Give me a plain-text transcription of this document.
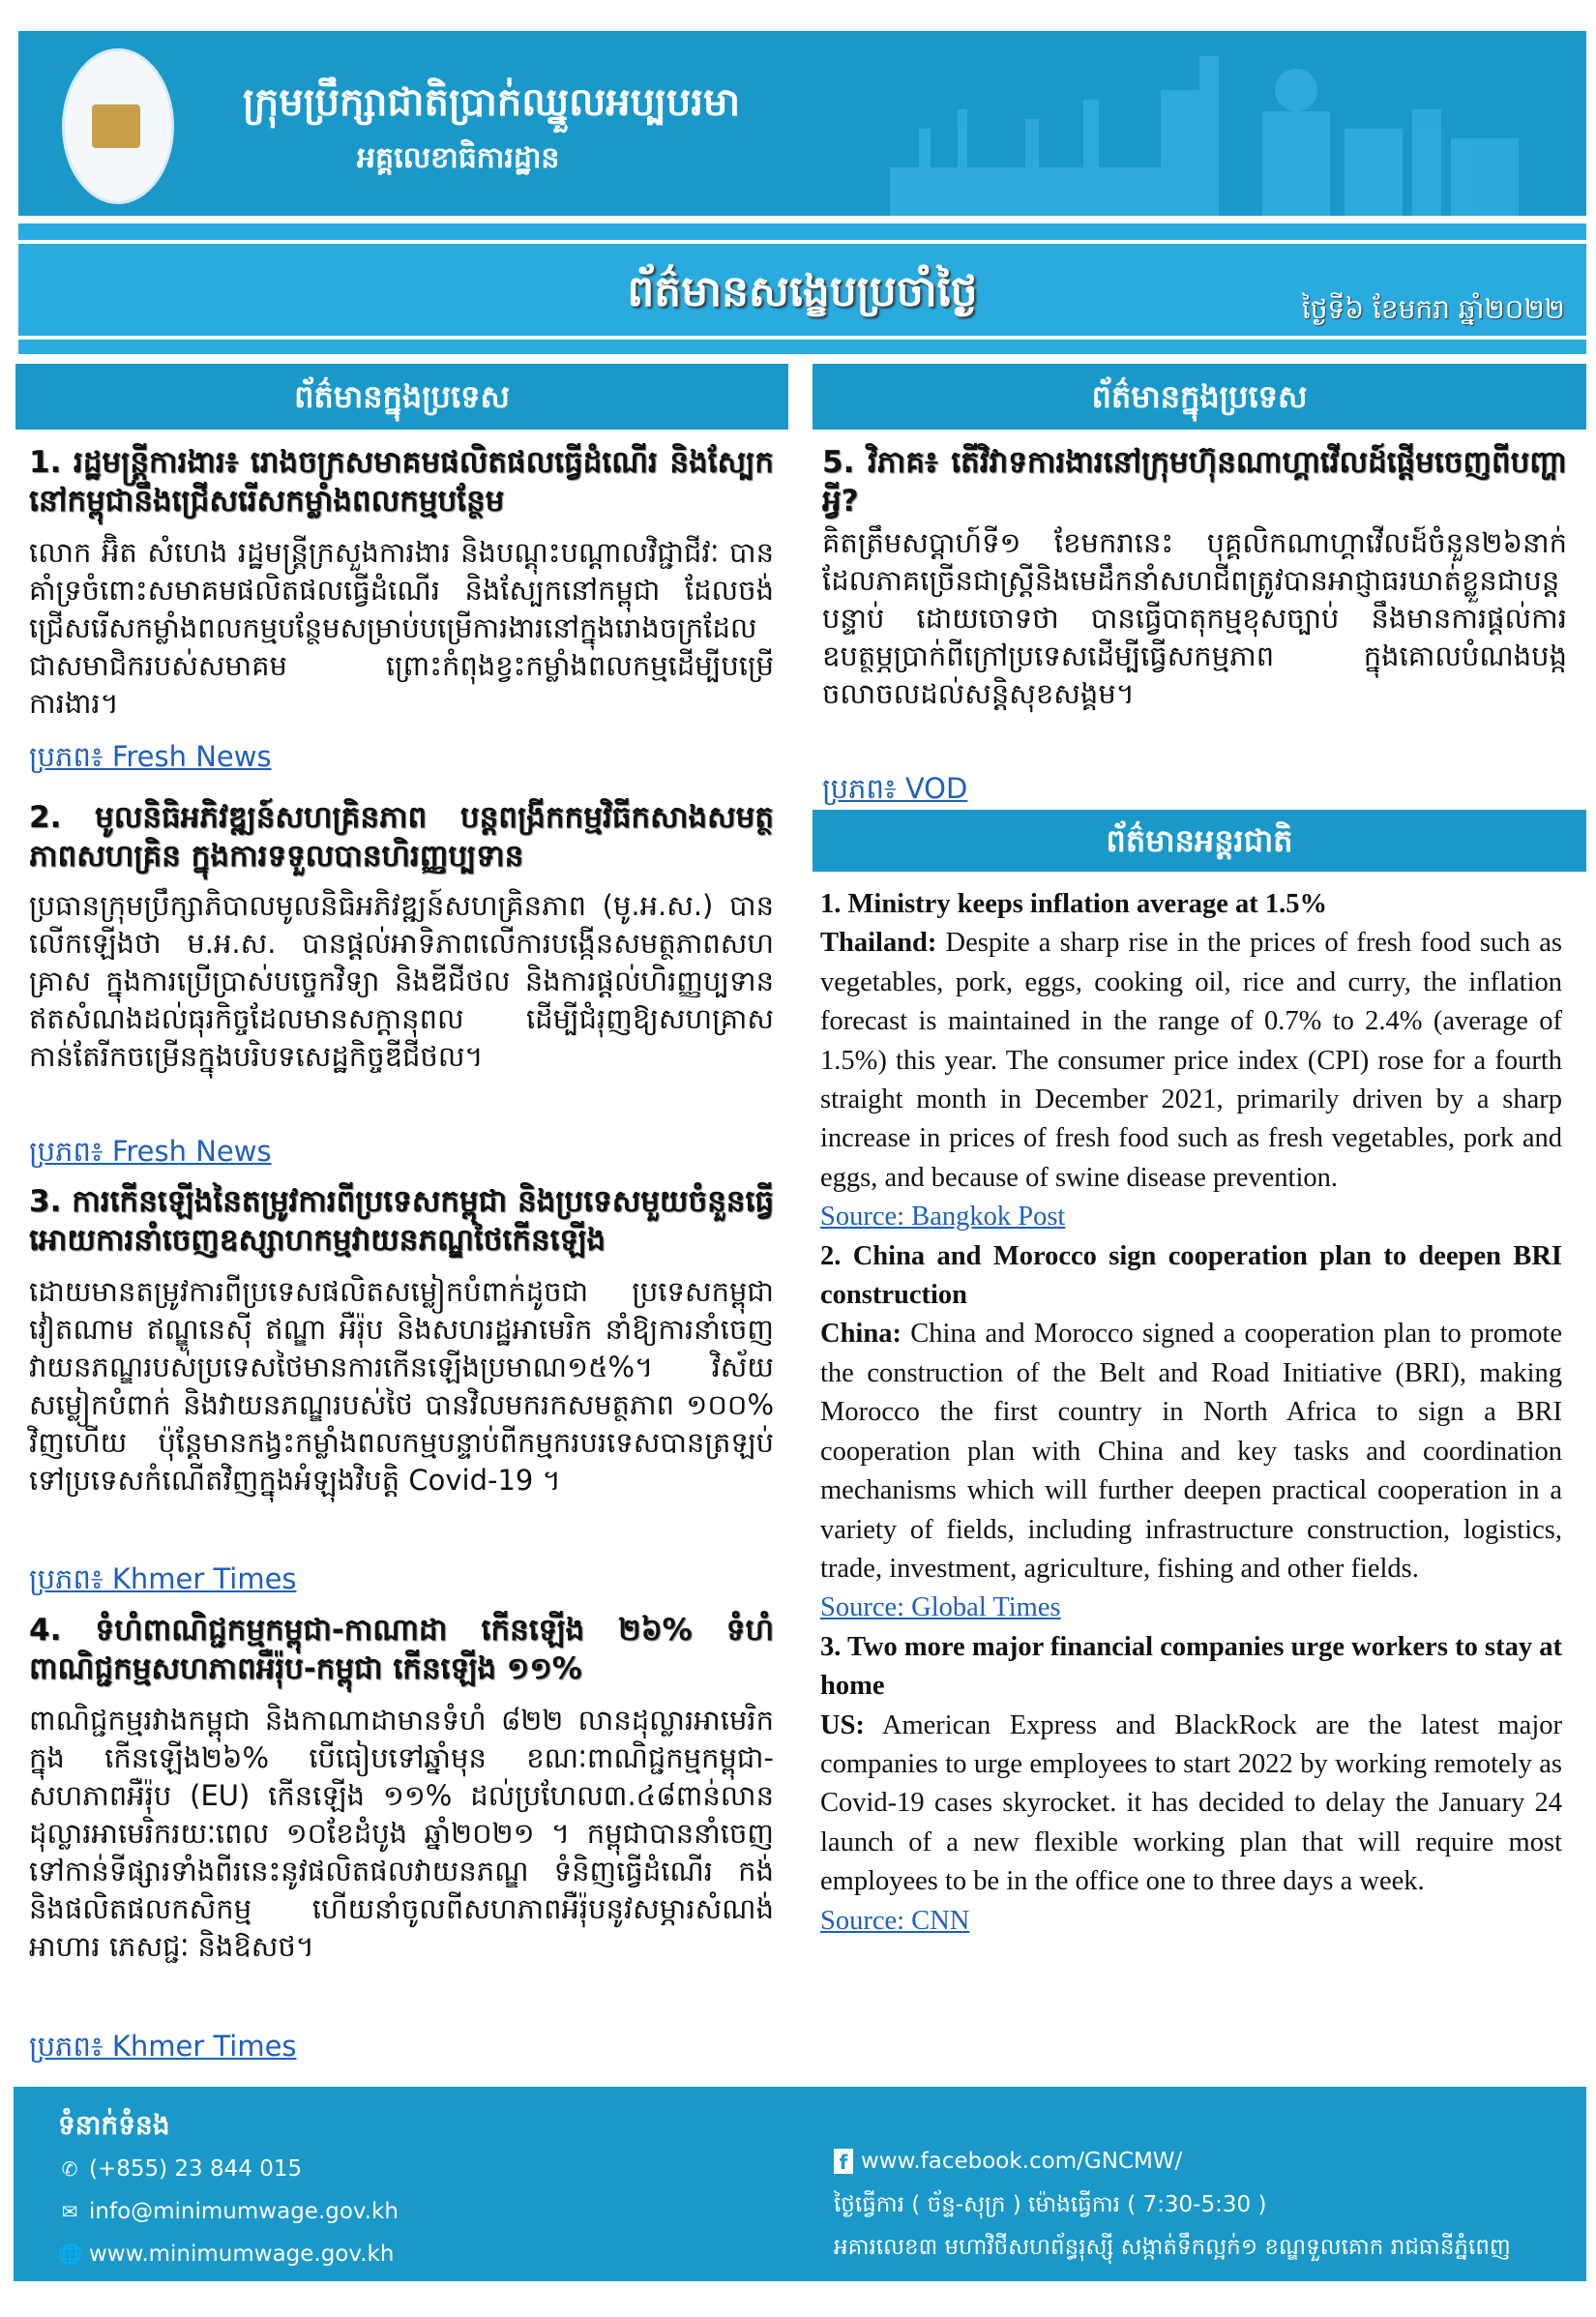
ក្រុមប្រឹក្សាជាតិប្រាក់ឈ្នួលអប្បបរមា
អគ្គលេខាធិការដ្ឋាន
ព័ត៌មានសង្ខេបប្រចាំថ្ងៃ	ថ្ងៃទី៦ ខែមករា ឆ្នាំ២០២២
ព័ត៌មានក្នុងប្រទេស
1. រដ្ឋមន្ត្រីការងារ៖ រោងចក្រសមាគមផលិតផលធ្វើដំណើរ និងស្បែកនៅកម្ពុជានឹងជ្រើសរើសកម្លាំងពលកម្មបន្ថែម
លោក អ៊ិត សំហេង រដ្ឋមន្ត្រីក្រសួងការងារ និងបណ្តុះបណ្តាលវិជ្ជាជីវៈ បានគាំទ្រចំពោះសមាគមផលិតផលធ្វើដំណើរ និងស្បែកនៅកម្ពុជា ដែលចង់ជ្រើសរើសកម្លាំងពលកម្មបន្ថែមសម្រាប់បម្រើការងារនៅក្នុងរោងចក្រដែលជាសមាជិករបស់សមាគម ព្រោះកំពុងខ្វះកម្លាំងពលកម្មដើម្បីបម្រើការងារ។
ប្រភព៖ Fresh News
2. មូលនិធិអភិវឌ្ឍន៍សហគ្រិនភាព បន្តពង្រីកកម្មវិធីកសាងសមត្ថភាពសហគ្រិន ក្នុងការទទួលបានហិរញ្ញប្បទាន
ប្រធានក្រុមប្រឹក្សាភិបាលមូលនិធិអភិវឌ្ឍន៍សហគ្រិនភាព (មូ.អ.ស.) បានលើកឡើងថា ម.អ.ស. បានផ្តល់អាទិភាពលើការបង្កើនសមត្ថភាពសហគ្រាស ក្នុងការប្រើប្រាស់បច្ចេកវិទ្យា និងឌីជីថល និងការផ្តល់ហិរញ្ញប្បទានឥតសំណងដល់ធុរកិច្ចដែលមានសក្តានុពល ដើម្បីជំរុញឱ្យសហគ្រាសកាន់តែរីកចម្រើនក្នុងបរិបទសេដ្ឋកិច្ចឌីជីថល។
ប្រភព៖ Fresh News
3. ការកើនឡើងនៃតម្រូវការពីប្រទេសកម្ពុជា និងប្រទេសមួយចំនួនធ្វើអោយការនាំចេញឧស្សាហកម្មវាយនភណ្ឌថៃកើនឡើង
ដោយមានតម្រូវការពីប្រទេសផលិតសម្លៀកបំពាក់ដូចជា ប្រទេសកម្ពុជា វៀតណាម ឥណ្ឌូនេស៊ី ឥណ្ឌា អឺរ៉ុប និងសហរដ្ឋអាមេរិក នាំឱ្យការនាំចេញវាយនភណ្ឌរបស់ប្រទេសថៃមានការកើនឡើងប្រមាណ១៥%។ វិស័យសម្លៀកបំពាក់ និងវាយនភណ្ឌរបស់ថៃ បានវិលមករកសមត្ថភាព ១០០% វិញហើយ ប៉ុន្តែមានកង្វះកម្លាំងពលកម្មបន្ទាប់ពីកម្មករបរទេសបានត្រឡប់ទៅប្រទេសកំណើតវិញក្នុងអំឡុងវិបត្តិ Covid-19 ។
ប្រភព៖ Khmer Times
4. ទំហំពាណិជ្ជកម្មកម្ពុជា-កាណាដា កើនឡើង ២៦% ទំហំពាណិជ្ជកម្មសហភាពអឺរ៉ុប-កម្ពុជា កើនឡើង ១១%
ពាណិជ្ជកម្មរវាងកម្ពុជា និងកាណាដាមានទំហំ ៨២២ លានដុល្លារអាមេរិកក្នុង កើនឡើង២៦% បើធៀបទៅឆ្នាំមុន ខណៈពាណិជ្ជកម្មកម្ពុជា-សហភាពអឺរ៉ុប (EU) កើនឡើង ១១% ដល់ប្រហែល៣.៤៨ពាន់លានដុល្លារអាមេរិករយៈពេល ១០ខែដំបូង ឆ្នាំ២០២១ ។ កម្ពុជាបាននាំចេញទៅកាន់ទីផ្សារទាំងពីរនេះនូវផលិតផលវាយនភណ្ឌ ទំនិញធ្វើដំណើរ កង់ និងផលិតផលកសិកម្ម ហើយនាំចូលពីសហភាពអឺរ៉ុបនូវសម្ភារសំណង់ អាហារ ភេសជ្ជៈ និងឱសថ។
ប្រភព៖ Khmer Times
ព័ត៌មានក្នុងប្រទេស
5. វិភាគ៖ តើវិវាទការងារនៅក្រុមហ៊ុនណាហ្គាវើលដ៍ផ្តើមចេញពីបញ្ហាអ្វី?
គិតត្រឹមសប្តាហ៍ទី១ ខែមករានេះ បុគ្គលិកណាហ្គាវើលដ៍ចំនួន២៦នាក់ ដែលភាគច្រើនជាស្ត្រីនិងមេដឹកនាំសហជីពត្រូវបានអាជ្ញាធរឃាត់ខ្លួនជាបន្តបន្ទាប់ ដោយចោទថា បានធ្វើបាតុកម្មខុសច្បាប់ នឹងមានការផ្តល់ការឧបត្ថម្ភប្រាក់ពីក្រៅប្រទេសដើម្បីធ្វើសកម្មភាព ក្នុងគោលបំណងបង្កចលាចលដល់សន្តិសុខសង្គម។
ប្រភព៖ VOD
ព័ត៌មានអន្តរជាតិ

1. Ministry keeps inflation average at 1.5%

Thailand: Despite a sharp rise in the prices of fresh food such as vegetables, pork, eggs, cooking oil, rice and curry, the inflation forecast is maintained in the range of 0.7% to 2.4% (average of 1.5%) this year. The consumer price index (CPI) rose for a fourth straight month in December 2021, primarily driven by a sharp increase in prices of fresh food such as fresh vegetables, pork and eggs, and because of swine disease prevention.

Source: Bangkok Post

2. China and Morocco sign cooperation plan to deepen BRI construction

China: China and Morocco signed a cooperation plan to promote the construction of the Belt and Road Initiative (BRI), making Morocco the first country in North Africa to sign a BRI cooperation plan with China and key tasks and coordination mechanisms which will further deepen practical cooperation in a variety of fields, including infrastructure construction, logistics, trade, investment, agriculture, fishing and other fields.

Source: Global Times

3. Two more major financial companies urge workers to stay at home

US: American Express and BlackRock are the latest major companies to urge employees to start 2022 by working remotely as Covid-19 cases skyrocket. it has decided to delay the January 24 launch of a new flexible working plan that will require most employees to be in the office one to three days a week.

Source: CNN

ទំនាក់ទំនង
✆ (+855) 23 844 015
✉ info@minimumwage.gov.kh
🌐 www.minimumwage.gov.kh
f www.facebook.com/GNCMW/
ថ្ងៃធ្វើការ ( ច័ន្ទ-សុក្រ ) ម៉ោងធ្វើការ ( 7:30-5:30 )
អគារលេខ៣ មហាវិថីសហព័ន្ធរុស្ស៊ី សង្កាត់ទឹកល្អក់១ ខណ្ឌទួលគោក រាជធានីភ្នំពេញ
